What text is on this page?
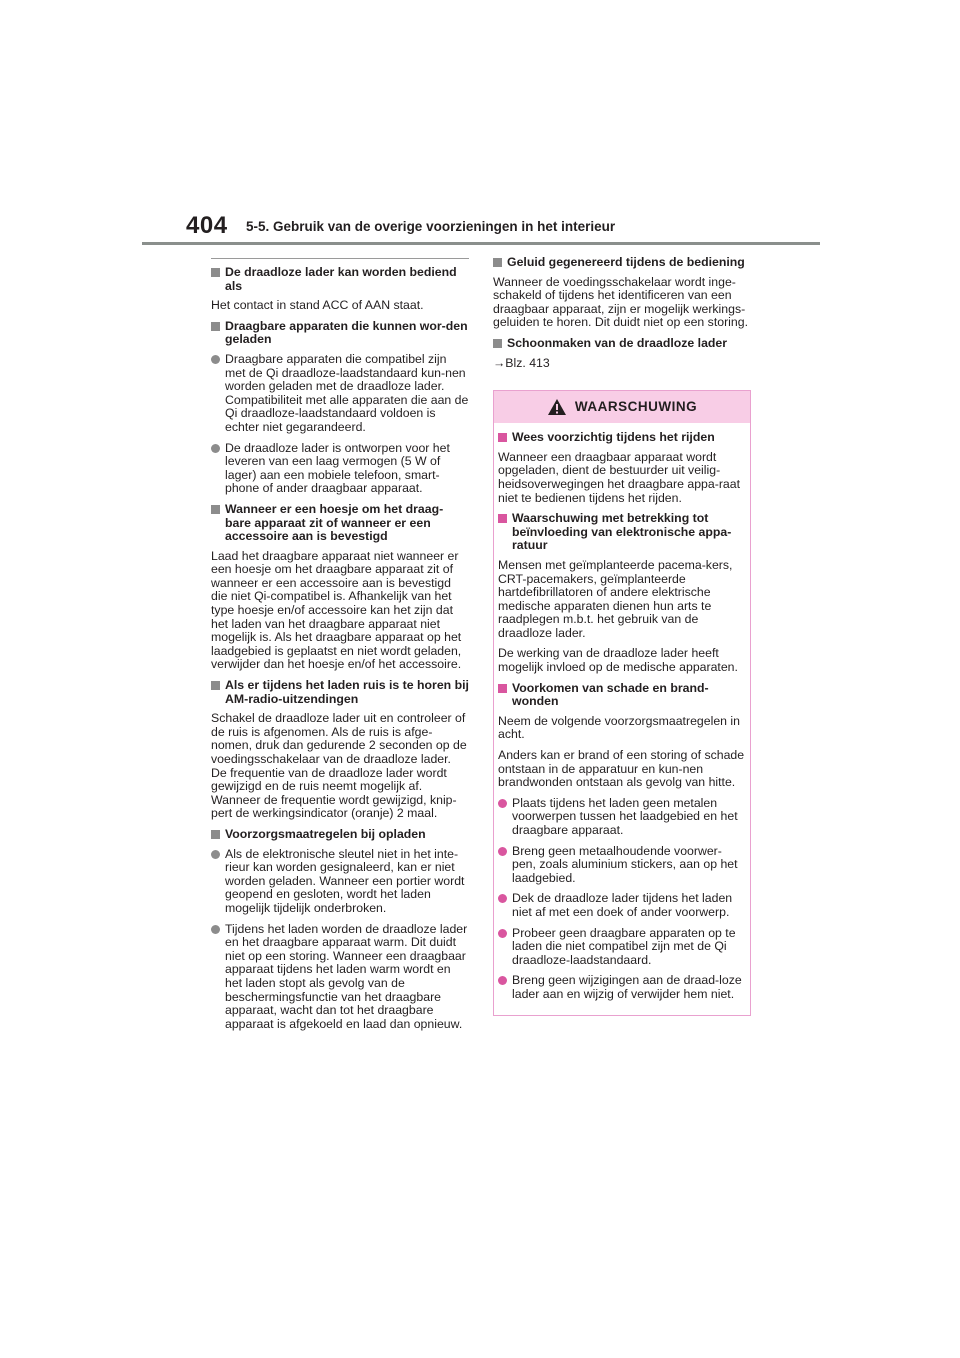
404 5-5. Gebruik van de overige voorzieningen in het interieur
De draadloze lader kan worden bediend als

Het contact in stand ACC of AAN staat.

Draagbare apparaten die kunnen wor-den geladen
Draagbare apparaten die compatibel zijn met de Qi draadloze-laadstandaard kun-nen worden geladen met de draadloze lader. Compatibiliteit met alle apparaten die aan de Qi draadloze-laadstandaard voldoen is echter niet gegarandeerd.
De draadloze lader is ontworpen voor het leveren van een laag vermogen (5 W of lager) aan een mobiele telefoon, smart-phone of ander draagbaar apparaat.
Wanneer er een hoesje om het draag-bare apparaat zit of wanneer er een accessoire aan is bevestigd

Laad het draagbare apparaat niet wanneer er een hoesje om het draagbare apparaat zit of wanneer er een accessoire aan is bevestigd die niet Qi-compatibel is. Afhankelijk van het type hoesje en/of accessoire kan het zijn dat het laden van het draagbare apparaat niet mogelijk is. Als het draagbare apparaat op het laadgebied is geplaatst en niet wordt geladen, verwijder dan het hoesje en/of het accessoire.

Als er tijdens het laden ruis is te horen bij AM-radio-uitzendingen

Schakel de draadloze lader uit en controleer of de ruis is afgenomen. Als de ruis is afge-nomen, druk dan gedurende 2 seconden op de voedingsschakelaar van de draadloze lader. De frequentie van de draadloze lader wordt gewijzigd en de ruis neemt mogelijk af. Wanneer de frequentie wordt gewijzigd, knip-pert de werkingsindicator (oranje) 2 maal.

Voorzorgsmaatregelen bij opladen
Als de elektronische sleutel niet in het inte-rieur kan worden gesignaleerd, kan er niet worden geladen. Wanneer een portier wordt geopend en gesloten, wordt het laden mogelijk tijdelijk onderbroken.
Tijdens het laden worden de draadloze lader en het draagbare apparaat warm. Dit duidt niet op een storing. Wanneer een draagbaar apparaat tijdens het laden warm wordt en het laden stopt als gevolg van de beschermingsfunctie van het draagbare apparaat, wacht dan tot het draagbare apparaat is afgekoeld en laad dan opnieuw.
Geluid gegenereerd tijdens de bediening

Wanneer de voedingsschakelaar wordt inge-schakeld of tijdens het identificeren van een draagbaar apparaat, zijn er mogelijk werkings-geluiden te horen. Dit duidt niet op een storing.

Schoonmaken van de draadloze lader

→Blz. 413

WAARSCHUWING
Wees voorzichtig tijdens het rijden

Wanneer een draagbaar apparaat wordt opgeladen, dient de bestuurder uit veilig-heidsoverwegingen het draagbare appa-raat niet te bedienen tijdens het rijden.

Waarschuwing met betrekking tot beïnvloeding van elektronische appa-ratuur

Mensen met geïmplanteerde pacema-kers, CRT-pacemakers, geïmplanteerde hartdefibrillatoren of andere elektrische medische apparaten dienen hun arts te raadplegen m.b.t. het gebruik van de draadloze lader.

De werking van de draadloze lader heeft mogelijk invloed op de medische apparaten.

Voorkomen van schade en brand-wonden

Neem de volgende voorzorgsmaatregelen in acht.

Anders kan er brand of een storing of schade ontstaan in de apparatuur en kun-nen brandwonden ontstaan als gevolg van hitte.

Plaats tijdens het laden geen metalen voorwerpen tussen het laadgebied en het draagbare apparaat.
Breng geen metaalhoudende voorwer-pen, zoals aluminium stickers, aan op het laadgebied.
Dek de draadloze lader tijdens het laden niet af met een doek of ander voorwerp.
Probeer geen draagbare apparaten op te laden die niet compatibel zijn met de Qi draadloze-laadstandaard.
Breng geen wijzigingen aan de draad-loze lader aan en wijzig of verwijder hem niet.
